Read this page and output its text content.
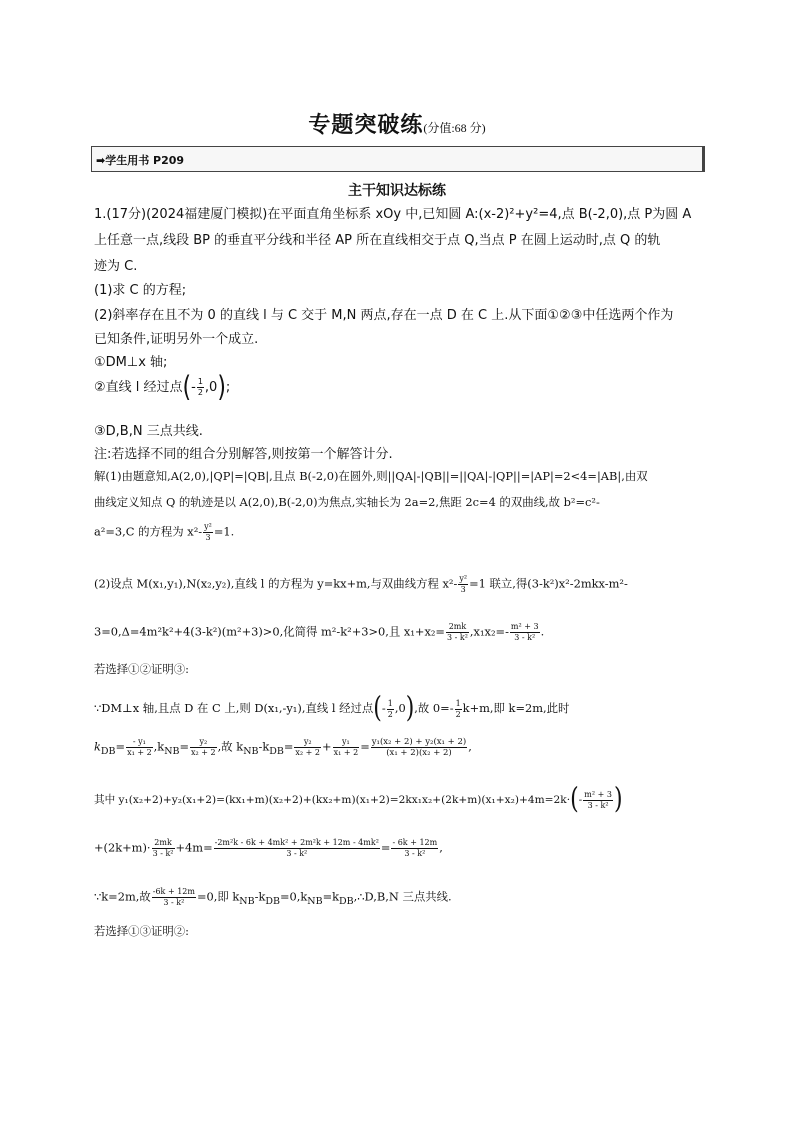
专题突破练(分值:68 分)
➡学生用书 P209
主干知识达标练
1.(17分)(2024福建厦门模拟)在平面直角坐标系 xOy 中,已知圆 A:(x-2)²+y²=4,点 B(-2,0),点 P为圆 A
上任意一点,线段 BP 的垂直平分线和半径 AP 所在直线相交于点 Q,当点 P 在圆上运动时,点 Q 的轨
迹为 C.
(1)求 C 的方程;
(2)斜率存在且不为 0 的直线 l 与 C 交于 M,N 两点,存在一点 D 在 C 上.从下面①②③中任选两个作为
已知条件,证明另外一个成立.
①DM⊥x 轴;
②直线 l 经过点(- $\frac{1}{2} ,0$);
③D,B,N 三点共线.
注:若选择不同的组合分别解答,则按第一个解答计分.
解(1)由题意知,A(2,0),|QP|=|QB|,且点 B(-2,0)在圆外,则||QA|-|QB||=||QA|-|QP||=|AP|=2<4=|AB|,由双
曲线定义知点 Q 的轨迹是以 A(2,0),B(-2,0)为焦点,实轴长为 2a=2,焦距 2c=4 的双曲线,故 b²=c²-
a²=3,C 的方程为 $x^2- \frac{\text{y²}}{3} =1$.
(2)设点 M(x₁,y₁),N(x₂,y₂),直线 l 的方程为 y=kx+m,与双曲线方程 $x^2- \frac{\text{y²}}{3} =1$ 联立,得(3-k²)x²-2mkx-m²-
3=0,Δ=4m²k²+4(3-k²)(m²+3)>0,化简得 m²-k²+3>0,且 $x_1+x_2= \frac{2mk}{\text{3 - k²}} ,x_1x_2=- \frac{\text{m² + 3}}{\text{3 - k²}}$ .
若选择①②证明③:
∵DM⊥x 轴,且点 D 在 C 上,则 D(x₁,-y₁),直线 l 经过点(- $\frac{1}{2} ,0$),故 $0=- \frac{1}{2} k+m$,即 k=2m,此时
$k_{DB}= \frac{\text{- y₁}}{\text{x₁ + 2}} ,k_{NB}= \frac{\text{y₂}}{\text{x₂ + 2}}$ ,故 $k_{NB}-k_{DB}= \frac{\text{y₂}}{\text{x₂ + 2}} + \frac{\text{y₁}}{\text{x₁ + 2}} = \frac{\text{y₁(x₂ + 2) + y₂(x₁ + 2)}}{\text{(x₁ + 2)(x₂ + 2)}}$ ,
其中 $y_1(x_2+2)+y_2(x_1+2)=(kx_1+m)(x_2+2)+(kx_2+m)(x_1+2)=2kx_1x_2+(2k+m)(x_1+x_2)+4m=2k\cdot(- \frac{\text{m² + 3}}{\text{3 - k²}}$ )
$+(2k+m)\cdot \frac{2mk}{\text{3 - k²}} +4m= \frac{\text{-2m²k - 6k + 4mk² + 2m²k + 12m - 4mk²}}{\text{3 - k²}} = \frac{- 6k + 12m}{\text{3 - k²}}$ ,
∵k=2m,故 $\frac{-6k + 12m}{\text{3 - k²}} =0$,即 $k_{NB}-k_{DB}=0,k_{NB}=k_{DB},\therefore D,B,N$ 三点共线.
若选择①③证明②:
